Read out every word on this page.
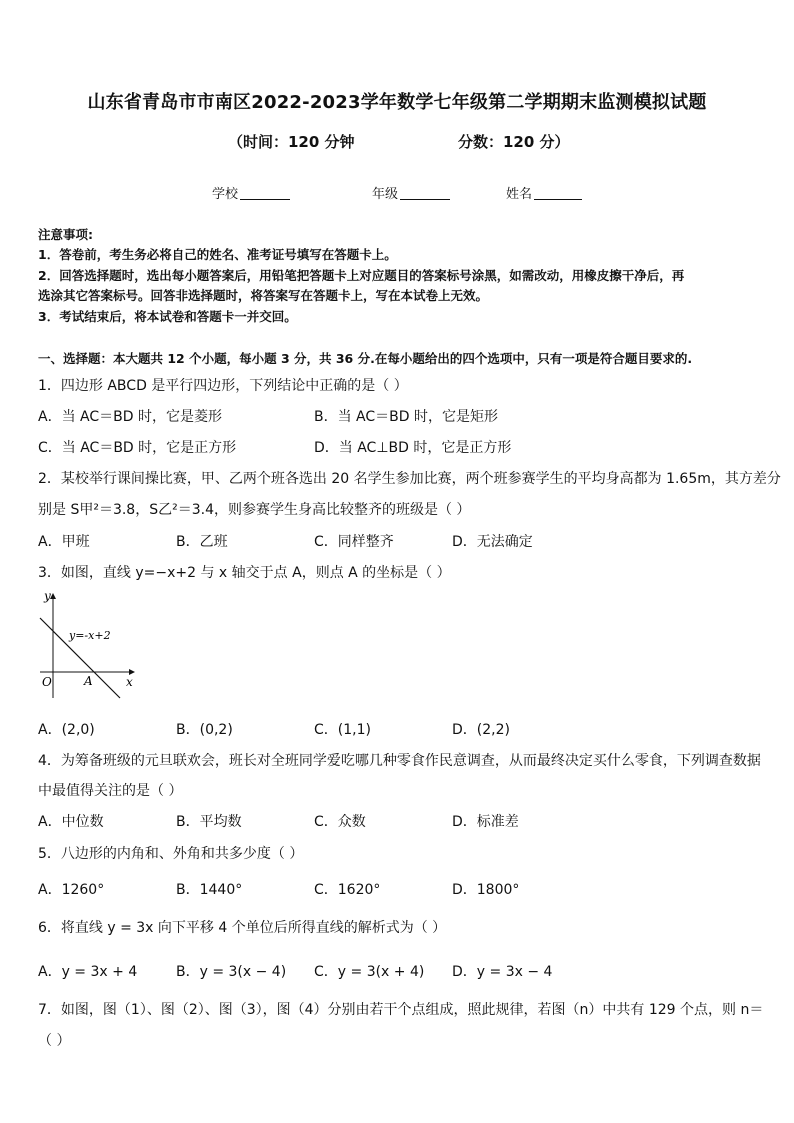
山东省青岛市市南区2022-2023学年数学七年级第二学期期末监测模拟试题
（时间：120 分钟	分数：120 分）
学校	年级	姓名
注意事项:
1．答卷前，考生务必将自己的姓名、准考证号填写在答题卡上。
2．回答选择题时，选出每小题答案后，用铅笔把答题卡上对应题目的答案标号涂黑，如需改动，用橡皮擦干净后，再
选涂其它答案标号。回答非选择题时，将答案写在答题卡上，写在本试卷上无效。
3．考试结束后，将本试卷和答题卡一并交回。
一、选择题：本大题共 12 个小题，每小题 3 分，共 36 分.在每小题给出的四个选项中，只有一项是符合题目要求的.
1．四边形 ABCD 是平行四边形，下列结论中正确的是（ ）
A．当 AC＝BD 时，它是菱形	B．当 AC＝BD 时，它是矩形
C．当 AC＝BD 时，它是正方形	D．当 AC⊥BD 时，它是正方形
2．某校举行课间操比赛，甲、乙两个班各选出 20 名学生参加比赛，两个班参赛学生的平均身高都为 1.65m，其方差分
别是 S甲²＝3.8，S乙²＝3.4，则参赛学生身高比较整齐的班级是（ ）
A．甲班	B．乙班	C．同样整齐	D．无法确定
3．如图，直线 y=−x+2 与 x 轴交于点 A，则点 A 的坐标是（ ）
y
x
O	A
y=-x+2
A．(2,0)	B．(0,2)	C．(1,1)	D．(2,2)
4．为筹备班级的元旦联欢会，班长对全班同学爱吃哪几种零食作民意调查，从而最终决定买什么零食，下列调查数据
中最值得关注的是（ ）
A．中位数	B．平均数	C．众数	D．标准差
5．八边形的内角和、外角和共多少度（ ）
A．1260°	B．1440°	C．1620°	D．1800°
6．将直线 y = 3x 向下平移 4 个单位后所得直线的解析式为（ ）
A．y = 3x + 4	B．y = 3(x − 4) C．y = 3(x + 4) D．y = 3x − 4
7．如图，图（1）、图（2）、图（3），图（4）分别由若干个点组成，照此规律，若图（n）中共有 129 个点，则 n＝
（ ）
